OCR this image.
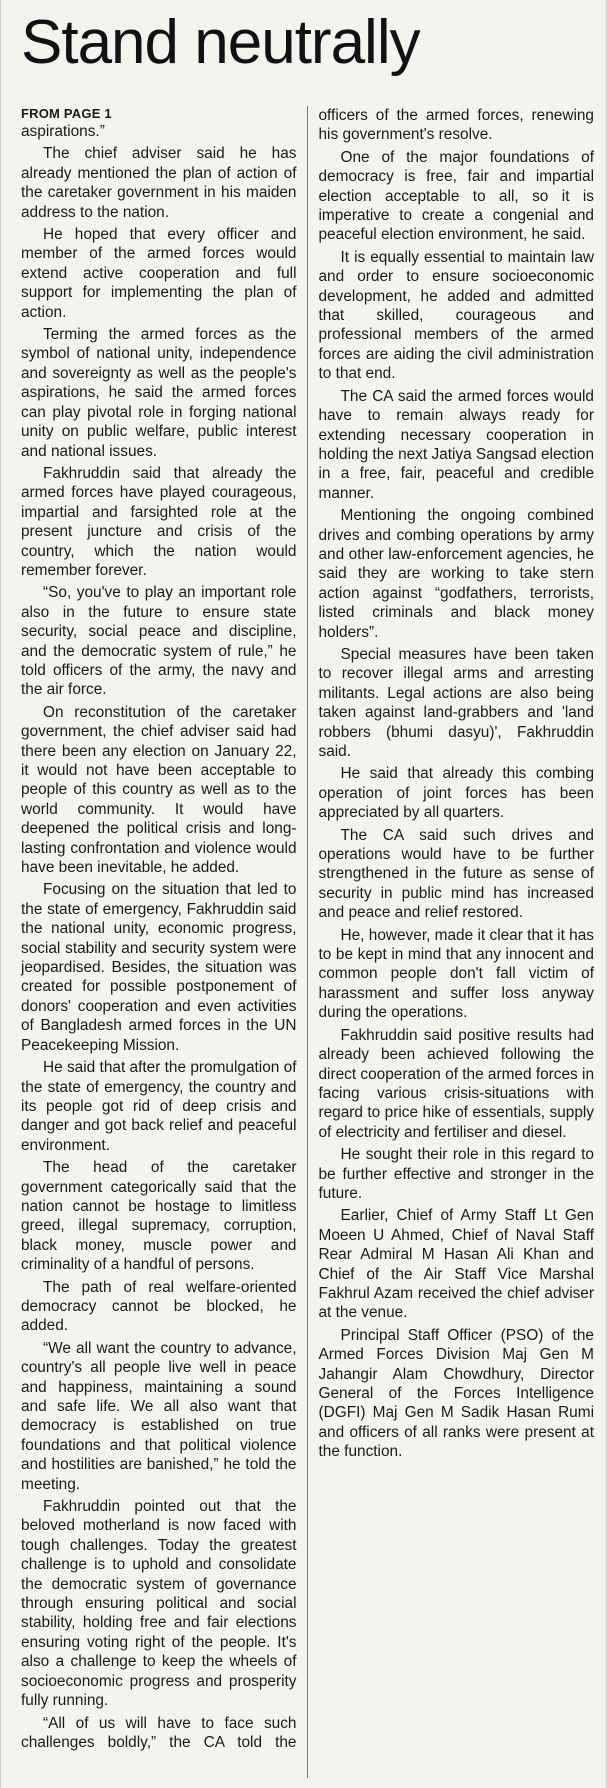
Stand neutrally

FROM PAGE 1
aspirations.”

The chief adviser said he has already mentioned the plan of action of the caretaker government in his maiden address to the nation.

He hoped that every officer and member of the armed forces would extend active cooperation and full support for implementing the plan of action.

Terming the armed forces as the symbol of national unity, independence and sovereignty as well as the people's aspirations, he said the armed forces can play pivotal role in forging national unity on public welfare, public interest and national issues.

Fakhruddin said that already the armed forces have played courageous, impartial and farsighted role at the present juncture and crisis of the country, which the nation would remember forever.

“So, you've to play an important role also in the future to ensure state security, social peace and discipline, and the democratic system of rule,” he told officers of the army, the navy and the air force.

On reconstitution of the caretaker government, the chief adviser said had there been any election on January 22, it would not have been acceptable to people of this country as well as to the world community. It would have deepened the political crisis and long-lasting confrontation and violence would have been inevitable, he added.

Focusing on the situation that led to the state of emergency, Fakhruddin said the national unity, economic progress, social stability and security system were jeopardised. Besides, the situation was created for possible postponement of donors' cooperation and even activities of Bangladesh armed forces in the UN Peacekeeping Mission.

He said that after the promulgation of the state of emergency, the country and its people got rid of deep crisis and danger and got back relief and peaceful environment.

The head of the caretaker government categorically said that the nation cannot be hostage to limitless greed, illegal supremacy, corruption, black money, muscle power and criminality of a handful of persons.

The path of real welfare-oriented democracy cannot be blocked, he added.

“We all want the country to advance, country's all people live well in peace and happiness, maintaining a sound and safe life. We all also want that democracy is established on true foundations and that political violence and hostilities are banished,” he told the meeting.

Fakhruddin pointed out that the beloved motherland is now faced with tough challenges. Today the greatest challenge is to uphold and consolidate the democratic system of governance through ensuring political and social stability, holding free and fair elections ensuring voting right of the people. It's also a challenge to keep the wheels of socioeconomic progress and prosperity fully running.

“All of us will have to face such challenges boldly,” the CA told the officers of the armed forces, renewing his government's resolve.

One of the major foundations of democracy is free, fair and impartial election acceptable to all, so it is imperative to create a congenial and peaceful election environment, he said.

It is equally essential to maintain law and order to ensure socioeconomic development, he added and admitted that skilled, courageous and professional members of the armed forces are aiding the civil administration to that end.

The CA said the armed forces would have to remain always ready for extending necessary cooperation in holding the next Jatiya Sangsad election in a free, fair, peaceful and credible manner.

Mentioning the ongoing combined drives and combing operations by army and other law-enforcement agencies, he said they are working to take stern action against “godfathers, terrorists, listed criminals and black money holders”.

Special measures have been taken to recover illegal arms and arresting militants. Legal actions are also being taken against land-grabbers and 'land robbers (bhumi dasyu)', Fakhruddin said.

He said that already this combing operation of joint forces has been appreciated by all quarters.

The CA said such drives and operations would have to be further strengthened in the future as sense of security in public mind has increased and peace and relief restored.

He, however, made it clear that it has to be kept in mind that any innocent and common people don't fall victim of harassment and suffer loss anyway during the operations.

Fakhruddin said positive results had already been achieved following the direct cooperation of the armed forces in facing various crisis-situations with regard to price hike of essentials, supply of electricity and fertiliser and diesel.

He sought their role in this regard to be further effective and stronger in the future.

Earlier, Chief of Army Staff Lt Gen Moeen U Ahmed, Chief of Naval Staff Rear Admiral M Hasan Ali Khan and Chief of the Air Staff Vice Marshal Fakhrul Azam received the chief adviser at the venue.

Principal Staff Officer (PSO) of the Armed Forces Division Maj Gen M Jahangir Alam Chowdhury, Director General of the Forces Intelligence (DGFI) Maj Gen M Sadik Hasan Rumi and officers of all ranks were present at the function.
